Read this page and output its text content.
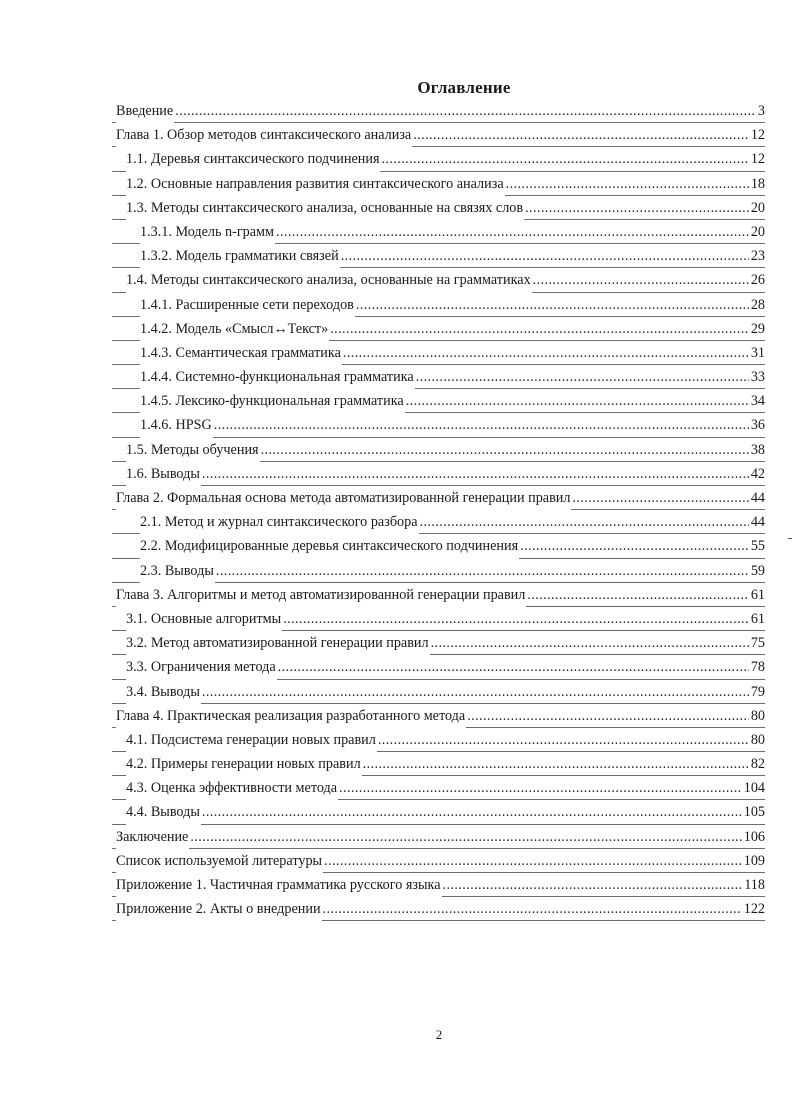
Оглавление
Введение .....	3
Глава 1. Обзор методов синтаксического анализа .....	12
1.1. Деревья синтаксического подчинения .....	12
1.2. Основные направления развития синтаксического анализа .....	18
1.3. Методы синтаксического анализа, основанные на связях слов .....	20
1.3.1. Модель n-грамм .....	20
1.3.2. Модель грамматики связей .....	23
1.4. Методы синтаксического анализа, основанные на грамматиках .....	26
1.4.1. Расширенные сети переходов .....	28
1.4.2. Модель «Смысл↔Текст» .....	29
1.4.3. Семантическая грамматика .....	31
1.4.4. Системно-функциональная грамматика .....	33
1.4.5. Лексико-функциональная грамматика .....	34
1.4.6. HPSG .....	36
1.5. Методы обучения .....	38
1.6. Выводы .....	42
Глава 2. Формальная основа метода автоматизированной генерации правил .....	44
2.1. Метод и журнал синтаксического разбора .....	44
2.2. Модифицированные деревья синтаксического подчинения .....	55
2.3. Выводы .....	59
Глава 3. Алгоритмы и метод автоматизированной генерации правил .....	61
3.1. Основные алгоритмы .....	61
3.2. Метод автоматизированной генерации правил .....	75
3.3. Ограничения метода .....	78
3.4. Выводы .....	79
Глава 4. Практическая реализация разработанного метода .....	80
4.1. Подсистема генерации новых правил .....	80
4.2. Примеры генерации новых правил .....	82
4.3. Оценка эффективности метода .....	104
4.4. Выводы .....	105
Заключение .....	106
Список используемой литературы .....	109
Приложение 1. Частичная грамматика русского языка .....	118
Приложение 2. Акты о внедрении .....	122
2
